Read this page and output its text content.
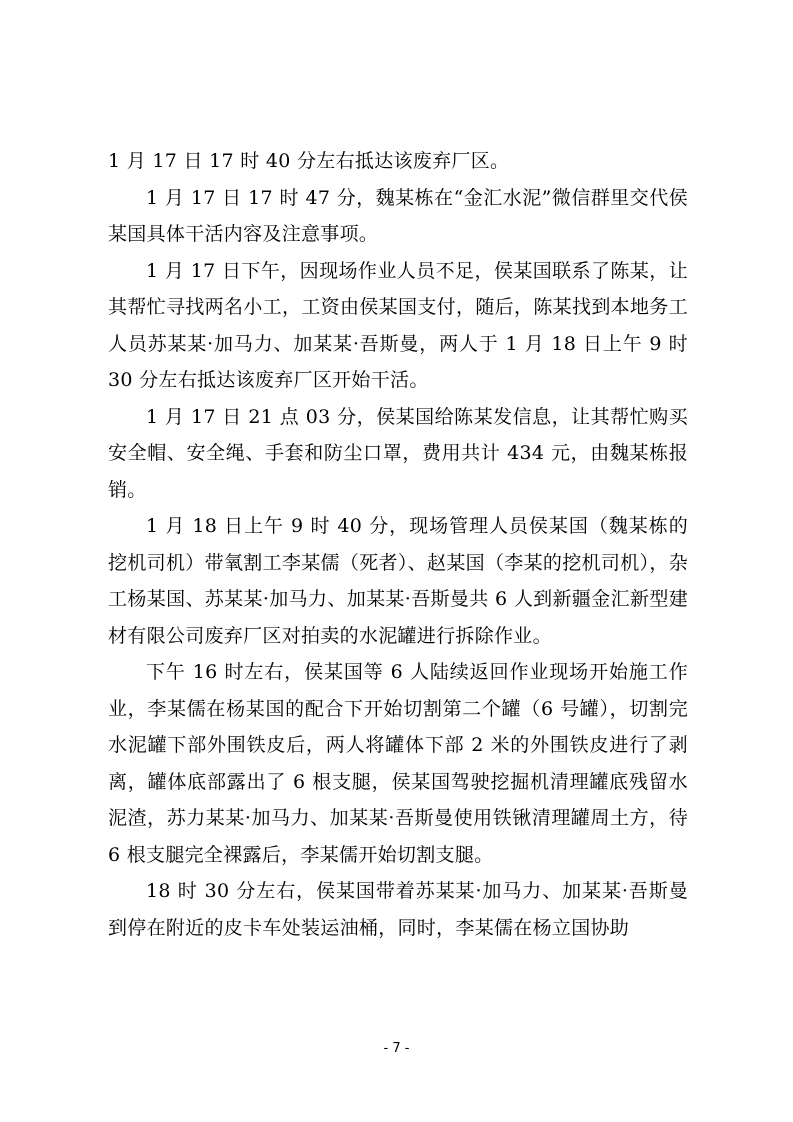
1 月 17 日 17 时 40 分左右抵达该废弃厂区。

1 月 17 日 17 时 47 分，魏某栋在“金汇水泥”微信群里交代侯某国具体干活内容及注意事项。

1 月 17 日下午，因现场作业人员不足，侯某国联系了陈某，让其帮忙寻找两名小工，工资由侯某国支付，随后，陈某找到本地务工人员苏某某·加马力、加某某·吾斯曼，两人于 1 月 18 日上午 9 时 30 分左右抵达该废弃厂区开始干活。

1 月 17 日 21 点 03 分，侯某国给陈某发信息，让其帮忙购买安全帽、安全绳、手套和防尘口罩，费用共计 434 元，由魏某栋报销。

1 月 18 日上午 9 时 40 分，现场管理人员侯某国（魏某栋的挖机司机）带氧割工李某儒（死者）、赵某国（李某的挖机司机），杂工杨某国、苏某某·加马力、加某某·吾斯曼共 6 人到新疆金汇新型建材有限公司废弃厂区对拍卖的水泥罐进行拆除作业。

下午 16 时左右，侯某国等 6 人陆续返回作业现场开始施工作业，李某儒在杨某国的配合下开始切割第二个罐（6 号罐），切割完水泥罐下部外围铁皮后，两人将罐体下部 2 米的外围铁皮进行了剥离，罐体底部露出了 6 根支腿，侯某国驾驶挖掘机清理罐底残留水泥渣，苏力某某·加马力、加某某·吾斯曼使用铁锹清理罐周土方，待 6 根支腿完全裸露后，李某儒开始切割支腿。

18 时 30 分左右，侯某国带着苏某某·加马力、加某某·吾斯曼到停在附近的皮卡车处装运油桶，同时，李某儒在杨立国协助

- 7 -
